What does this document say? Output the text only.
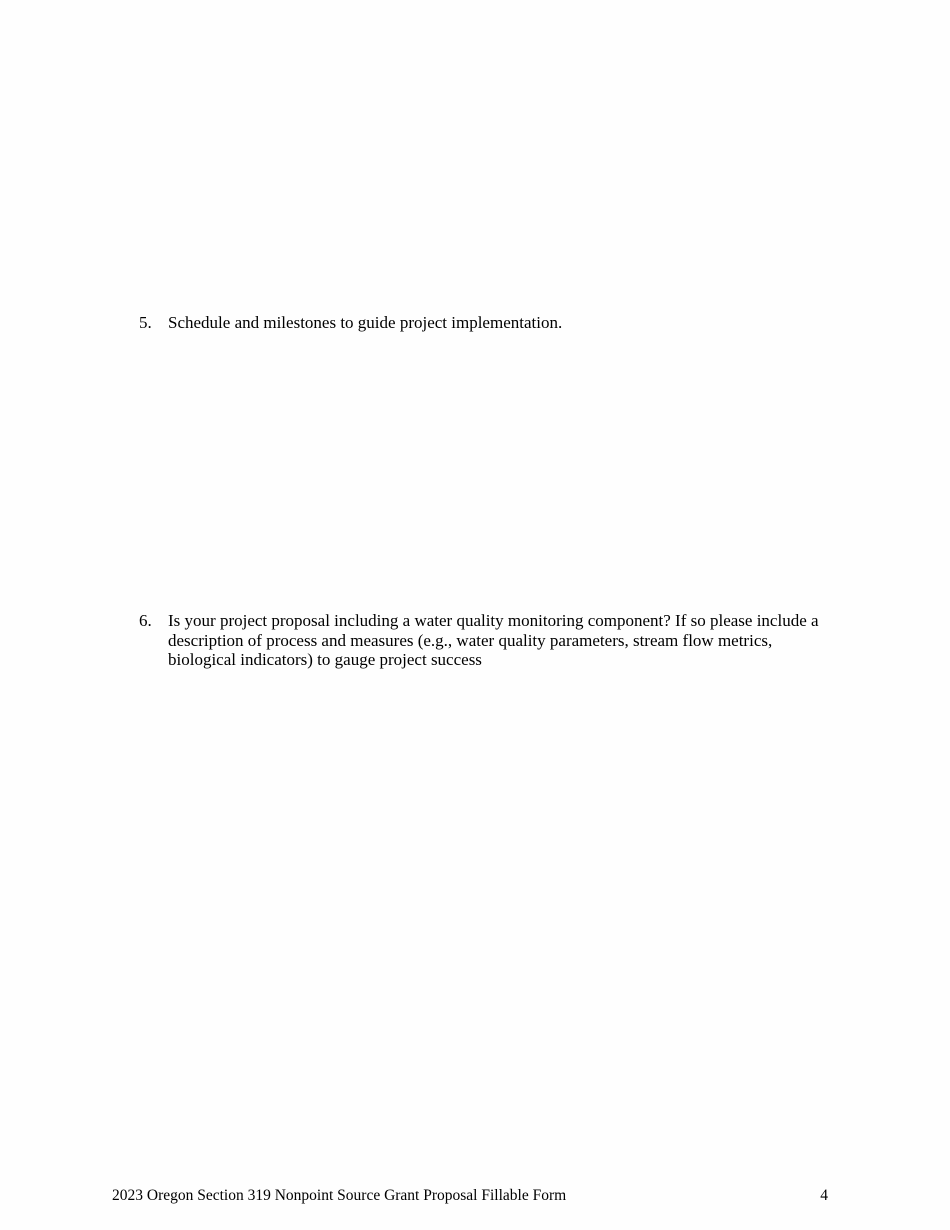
5. Schedule and milestones to guide project implementation.
6. Is your project proposal including a water quality monitoring component? If so please include a description of process and measures (e.g., water quality parameters, stream flow metrics, biological indicators) to gauge project success
2023 Oregon Section 319 Nonpoint Source Grant Proposal Fillable Form	4
